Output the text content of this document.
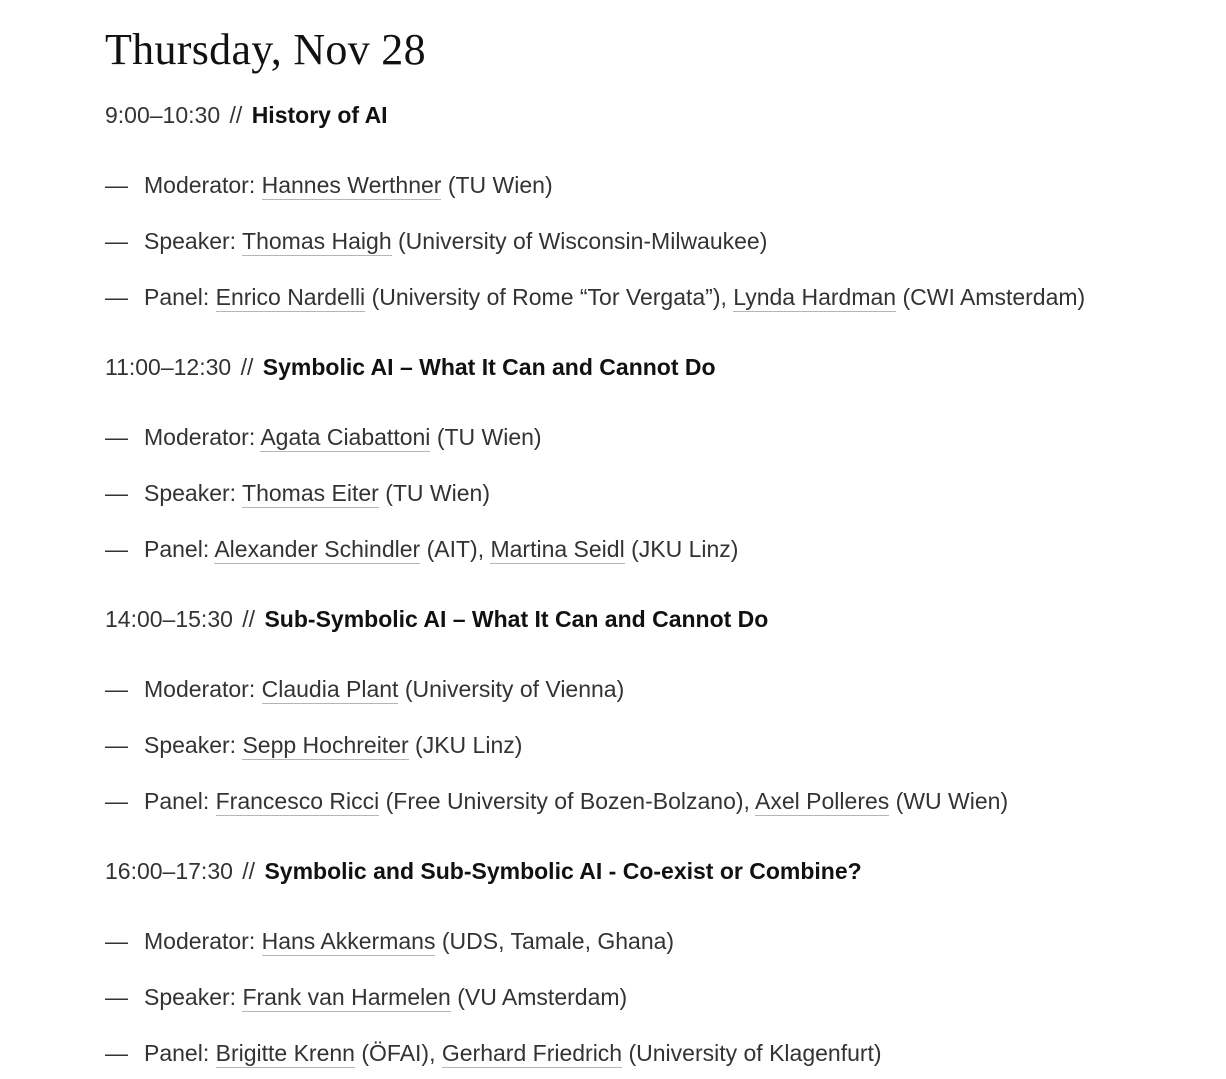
Thursday, Nov 28
9:00–10:30 // History of AI
— Moderator: Hannes Werthner (TU Wien)
— Speaker: Thomas Haigh (University of Wisconsin-Milwaukee)
— Panel: Enrico Nardelli (University of Rome “Tor Vergata”), Lynda Hardman (CWI Amsterdam)
11:00–12:30 // Symbolic AI – What It Can and Cannot Do
— Moderator: Agata Ciabattoni (TU Wien)
— Speaker: Thomas Eiter (TU Wien)
— Panel: Alexander Schindler (AIT), Martina Seidl (JKU Linz)
14:00–15:30 // Sub-Symbolic AI – What It Can and Cannot Do
— Moderator: Claudia Plant (University of Vienna)
— Speaker: Sepp Hochreiter (JKU Linz)
— Panel: Francesco Ricci (Free University of Bozen-Bolzano), Axel Polleres (WU Wien)
16:00–17:30 // Symbolic and Sub-Symbolic AI - Co-exist or Combine?
— Moderator: Hans Akkermans (UDS, Tamale, Ghana)
— Speaker: Frank van Harmelen (VU Amsterdam)
— Panel: Brigitte Krenn (ÖFAI), Gerhard Friedrich (University of Klagenfurt)
